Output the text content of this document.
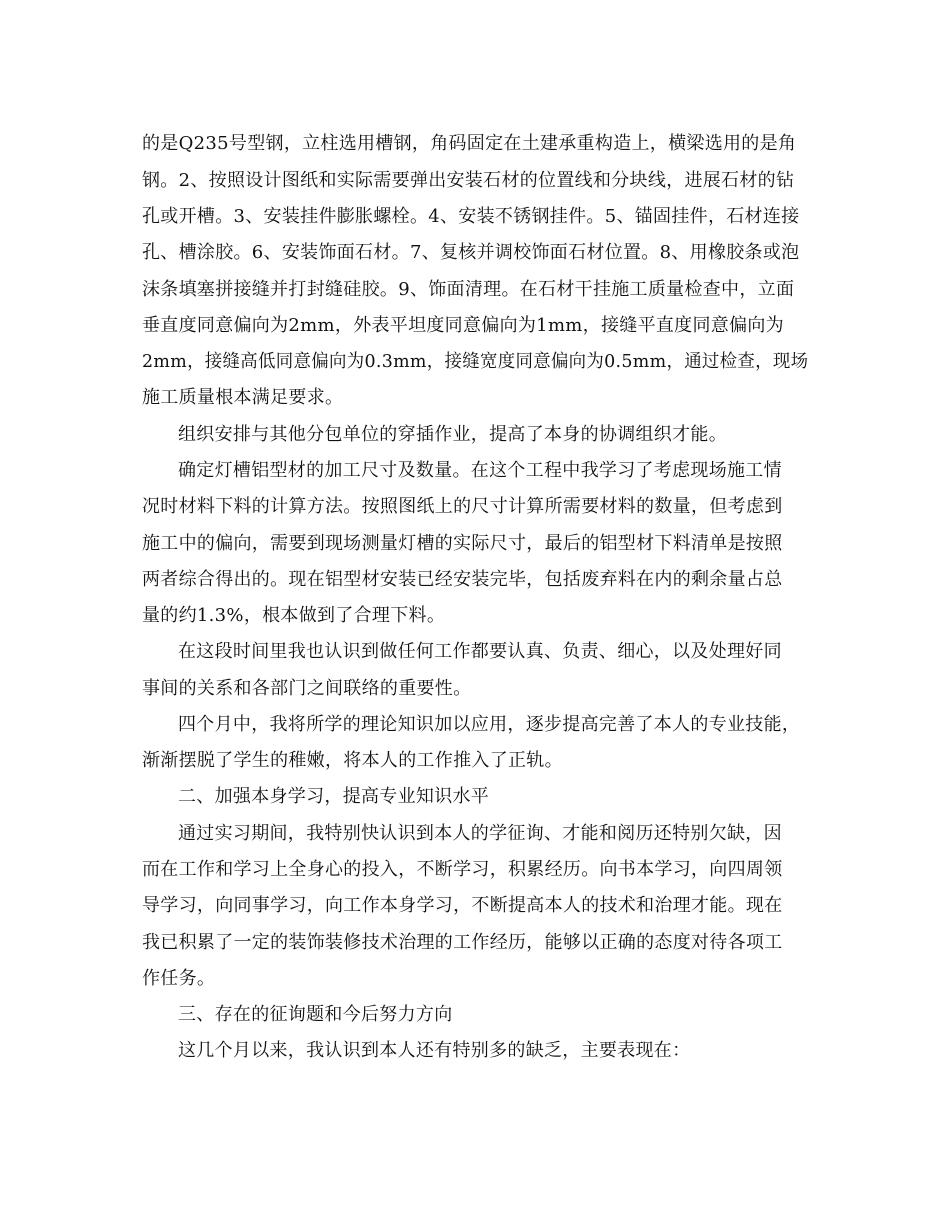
的是Q235号型钢，立柱选用槽钢，角码固定在土建承重构造上，横梁选用的是角
钢。2、按照设计图纸和实际需要弹出安装石材的位置线和分块线，进展石材的钻
孔或开槽。3、安装挂件膨胀螺栓。4、安装不锈钢挂件。5、锚固挂件，石材连接
孔、槽涂胶。6、安装饰面石材。7、复核并调校饰面石材位置。8、用橡胶条或泡
沫条填塞拼接缝并打封缝硅胶。9、饰面清理。在石材干挂施工质量检查中，立面
垂直度同意偏向为2mm，外表平坦度同意偏向为1mm，接缝平直度同意偏向为
2mm，接缝高低同意偏向为0.3mm，接缝宽度同意偏向为0.5mm，通过检查，现场
施工质量根本满足要求。
组织安排与其他分包单位的穿插作业，提高了本身的协调组织才能。
确定灯槽铝型材的加工尺寸及数量。在这个工程中我学习了考虑现场施工情
况时材料下料的计算方法。按照图纸上的尺寸计算所需要材料的数量，但考虑到
施工中的偏向，需要到现场测量灯槽的实际尺寸，最后的铝型材下料清单是按照
两者综合得出的。现在铝型材安装已经安装完毕，包括废弃料在内的剩余量占总
量的约1.3%，根本做到了合理下料。
在这段时间里我也认识到做任何工作都要认真、负责、细心，以及处理好同
事间的关系和各部门之间联络的重要性。
四个月中，我将所学的理论知识加以应用，逐步提高完善了本人的专业技能，
渐渐摆脱了学生的稚嫩，将本人的工作推入了正轨。
二、加强本身学习，提高专业知识水平
通过实习期间，我特别快认识到本人的学征询、才能和阅历还特别欠缺，因
而在工作和学习上全身心的投入，不断学习，积累经历。向书本学习，向四周领
导学习，向同事学习，向工作本身学习，不断提高本人的技术和治理才能。现在
我已积累了一定的装饰装修技术治理的工作经历，能够以正确的态度对待各项工
作任务。
三、存在的征询题和今后努力方向
这几个月以来，我认识到本人还有特别多的缺乏，主要表现在：
